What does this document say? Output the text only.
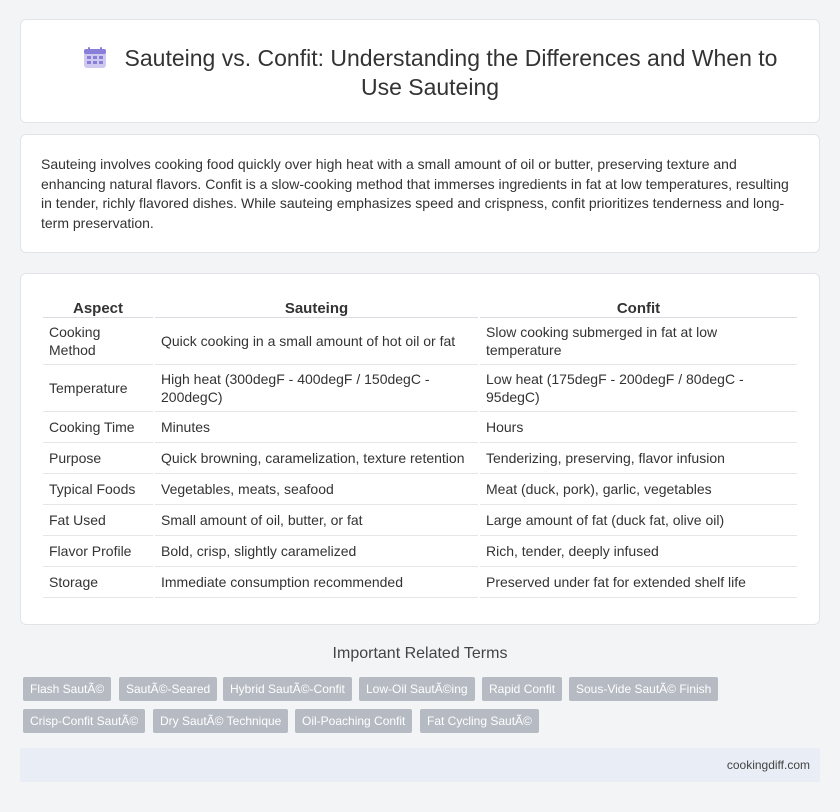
Sauteing vs. Confit: Understanding the Differences and When to Use Sauteing

Sauteing involves cooking food quickly over high heat with a small amount of oil or butter, preserving texture and enhancing natural flavors. Confit is a slow-cooking method that immerses ingredients in fat at low temperatures, resulting in tender, richly flavored dishes. While sauteing emphasizes speed and crispness, confit prioritizes tenderness and long-term preservation.

Aspect	Sauteing	Confit
Cooking Method	Quick cooking in a small amount of hot oil or fat	Slow cooking submerged in fat at low temperature
Temperature	High heat (300degF - 400degF / 150degC - 200degC)	Low heat (175degF - 200degF / 80degC - 95degC)
Cooking Time	Minutes	Hours
Purpose	Quick browning, caramelization, texture retention	Tenderizing, preserving, flavor infusion
Typical Foods	Vegetables, meats, seafood	Meat (duck, pork), garlic, vegetables
Fat Used	Small amount of oil, butter, or fat	Large amount of fat (duck fat, olive oil)
Flavor Profile	Bold, crisp, slightly caramelized	Rich, tender, deeply infused
Storage	Immediate consumption recommended	Preserved under fat for extended shelf life
Important Related Terms
Flash SautÃ©	SautÃ©-Seared	Hybrid SautÃ©-Confit	Low-Oil SautÃ©ing	Rapid Confit	Sous-Vide SautÃ© Finish
Crisp-Confit SautÃ©	Dry SautÃ© Technique	Oil-Poaching Confit	Fat Cycling SautÃ©
cookingdiff.com
